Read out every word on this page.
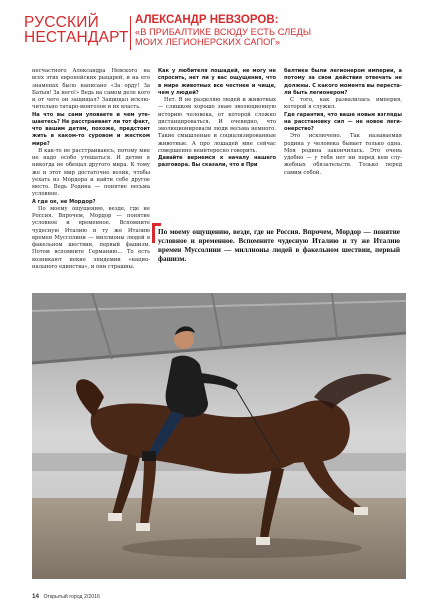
РУССКИЙ
НЕСТАНДАРТ
АЛЕКСАНДР НЕВЗОРОВ:
«В ПРИБАЛТИКЕ ВСЮДУ ЕСТЬ СЛЕДЫ
МОИХ ЛЕГИОНЕРСКИХ САПОГ»

несчастного Александра Невского на всех этих европейских рыцарей, и на его знаменах было написано «За орду! За Батыя! За него!» Ведь на самом деле кого и от чего он защищал? Защищал исключительно татаро-монголов и их власть.

На что вы сами уповаете и чем утешаетесь? Не расстраивает ли тот факт, что вашим детям, похоже, предстоит жить в каком-то суровом и жестком мире?

Я как-то не расстраиваюсь, потому мне не надо особо утешаться. И детям я никогда не обещал другого мира. К тому же и этот мир достаточно велик, чтобы уехать из Мордора и найти себе другое место. Ведь Родина — понятие весьма условное.

А где ок, не Мордор?

По моему ощущению, везде, где не Россия. Впрочем, Мордор — понятие условное и временное. Вспомните чудесную Италию и ту же Италию времен Муссолини — миллионы людей в факельном шествии, первый фашизм. Потом вспомните Германию… То есть возникают некие эпидемии «национального единства», и они страшны.

Как у любителя лошадей, не могу не спросить, нет ли у вас ощущения, что в мире животных все честнее и чище, чем у людей?

Нет. Я не разделяю людей и животных — слишком хорошо знаю эволюционную историю человека, от которой сложно дистанцироваться. И очевидно, что эволюционировали люди весьма немного. Такие смышленые и социализированные животные. А про лошадей мне сейчас совершенно неинтересно говорить.

Давайте вернемся к началу нашего разговора. Вы сказали, что в При

балтике были легионером империи, а потому за свои действия отвечать не должны. С какого момента вы перестали быть легионером?

С того, как развалилась империя, которой я служил.

Где гарантия, что ваше новые взгляды на расстановку сил — не новое легионерство?

Это исключено. Так называемая родина у человека бывает только одна. Моя родина закончилась. Это очень удобно — у тебя нет ни перед кем служебных обязательств. Только перед самим собой.

По моему ощущению, везде, где не Россия. Впрочем, Мордор — понятие условное и временное. Вспомните чудесную Италию и ту же Италию времен Муссолини — миллионы людей в факельном шествии, первый фашизм.
14 Открытый город 2/2016
